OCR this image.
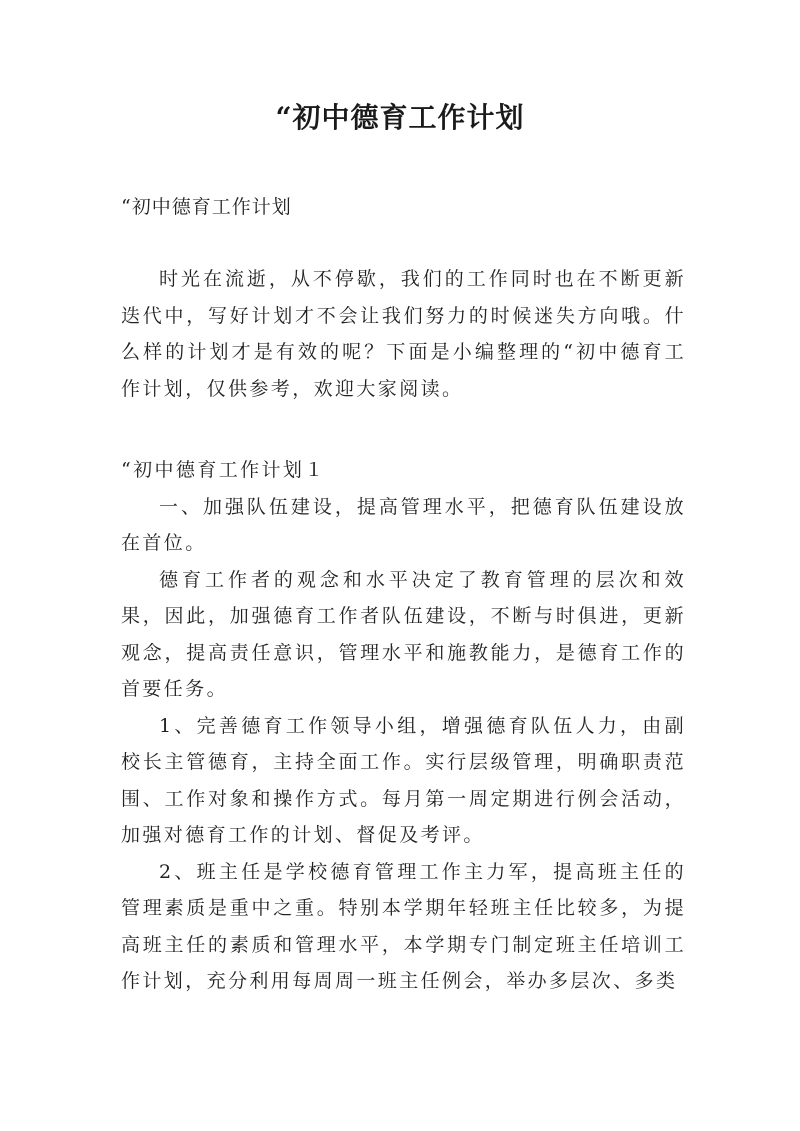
“初中德育工作计划
“初中德育工作计划

时光在流逝，从不停歇，我们的工作同时也在不断更新迭代中，写好计划才不会让我们努力的时候迷失方向哦。什么样的计划才是有效的呢？下面是小编整理的“初中德育工作计划，仅供参考，欢迎大家阅读。

“初中德育工作计划１

一、加强队伍建设，提高管理水平，把德育队伍建设放在首位。

德育工作者的观念和水平决定了教育管理的层次和效果，因此，加强德育工作者队伍建设，不断与时俱进，更新观念，提高责任意识，管理水平和施教能力，是德育工作的首要任务。

1、完善德育工作领导小组，增强德育队伍人力，由副校长主管德育，主持全面工作。实行层级管理，明确职责范围、工作对象和操作方式。每月第一周定期进行例会活动，加强对德育工作的计划、督促及考评。

2、班主任是学校德育管理工作主力军，提高班主任的管理素质是重中之重。特别本学期年轻班主任比较多，为提高班主任的素质和管理水平，本学期专门制定班主任培训工作计划，充分利用每周周一班主任例会，举办多层次、多类
